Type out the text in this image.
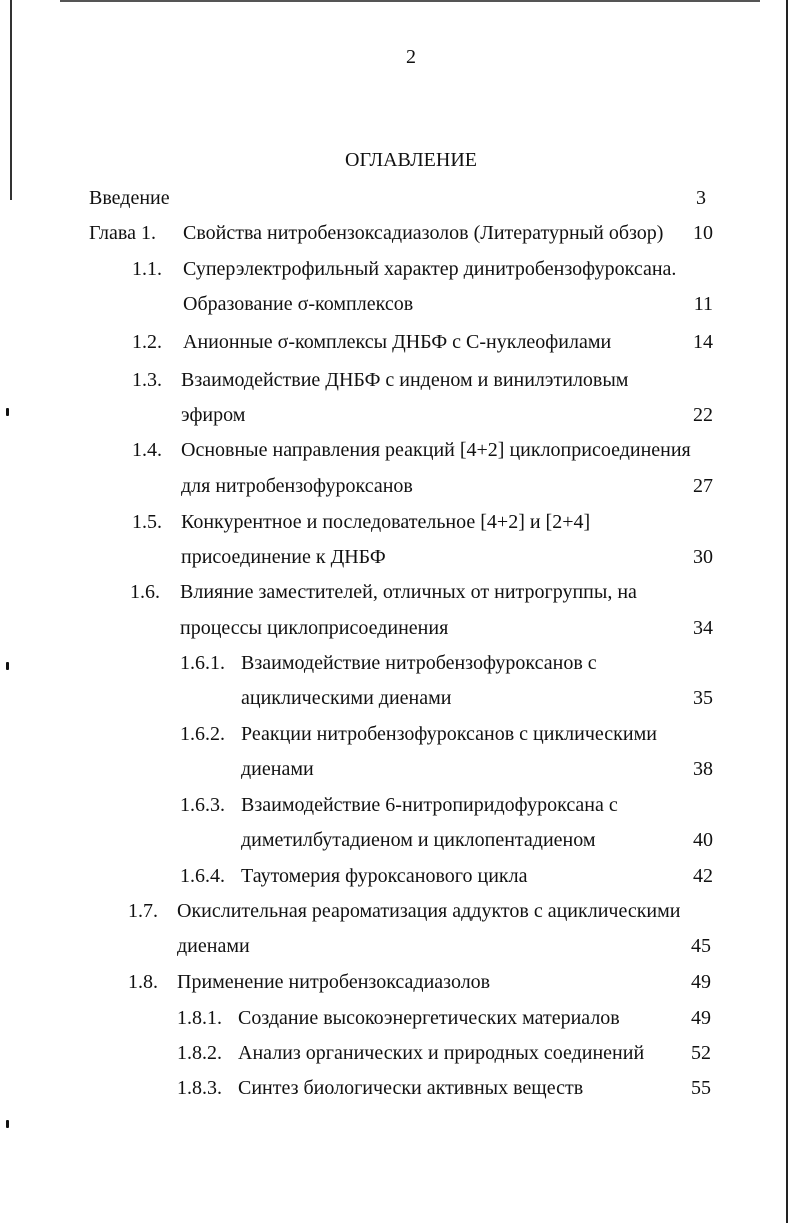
2
ОГЛАВЛЕНИЕ
Введение	3
Глава 1. Свойства нитробензоксадиазолов (Литературный обзор)	10
1.1. Суперэлектрофильный характер динитробензофуроксана.
Образование σ-комплексов	11
1.2. Анионные σ-комплексы ДНБФ с С-нуклеофилами	14
1.3. Взаимодействие ДНБФ с инденом и винилэтиловым
эфиром	22
1.4. Основные направления реакций [4+2] циклоприсоединения
для нитробензофуроксанов	27
1.5. Конкурентное и последовательное [4+2] и [2+4]
присоединение к ДНБФ	30
1.6. Влияние заместителей, отличных от нитрогруппы, на
процессы циклоприсоединения	34
1.6.1. Взаимодействие нитробензофуроксанов с
ациклическими диенами	35
1.6.2. Реакции нитробензофуроксанов с циклическими
диенами	38
1.6.3. Взаимодействие 6-нитропиридофуроксана с
диметилбутадиеном и циклопентадиеном	40
1.6.4. Таутомерия фуроксанового цикла	42
1.7. Окислительная реароматизация аддуктов с ациклическими
диенами	45
1.8. Применение нитробензоксадиазолов	49
1.8.1. Создание высокоэнергетических материалов	49
1.8.2. Анализ органических и природных соединений	52
1.8.3. Синтез биологически активных веществ	55
